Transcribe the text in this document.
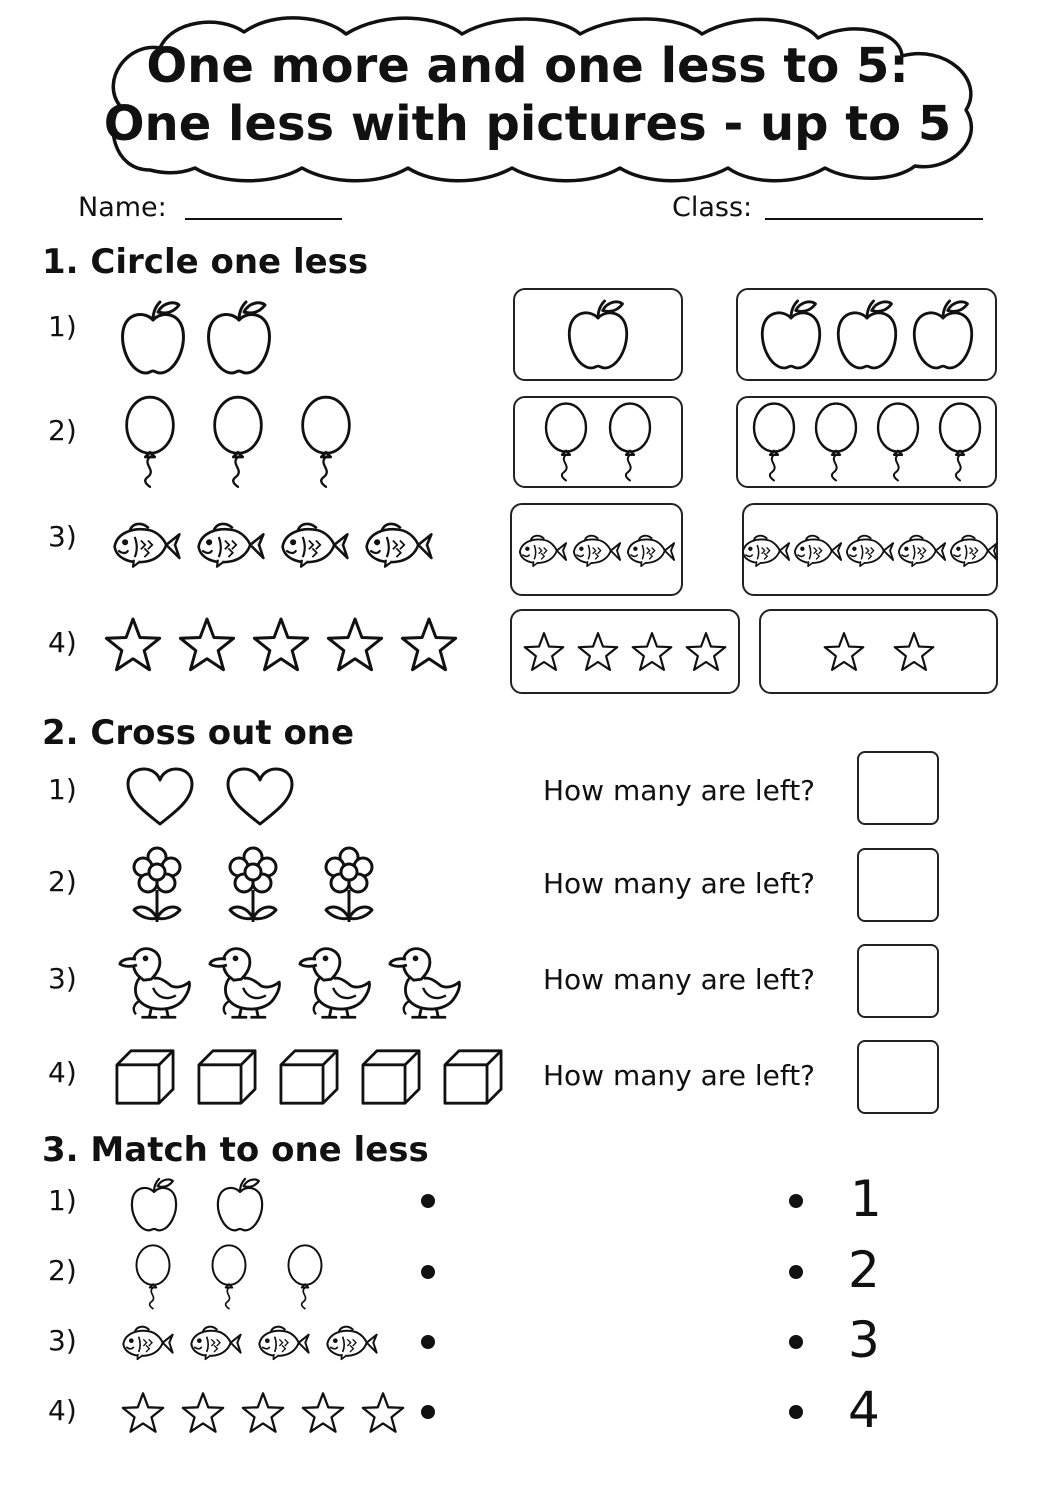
One more and one less to 5:
One less with pictures - up to 5
Name:	Class:
1. Circle one less
1)
2)
3)
4)
2. Cross out one
1)
2)
3)
4)
How many are left?
How many are left?
How many are left?
How many are left?
3. Match to one less
1)
2)
3)
4)
1
2
3
4
